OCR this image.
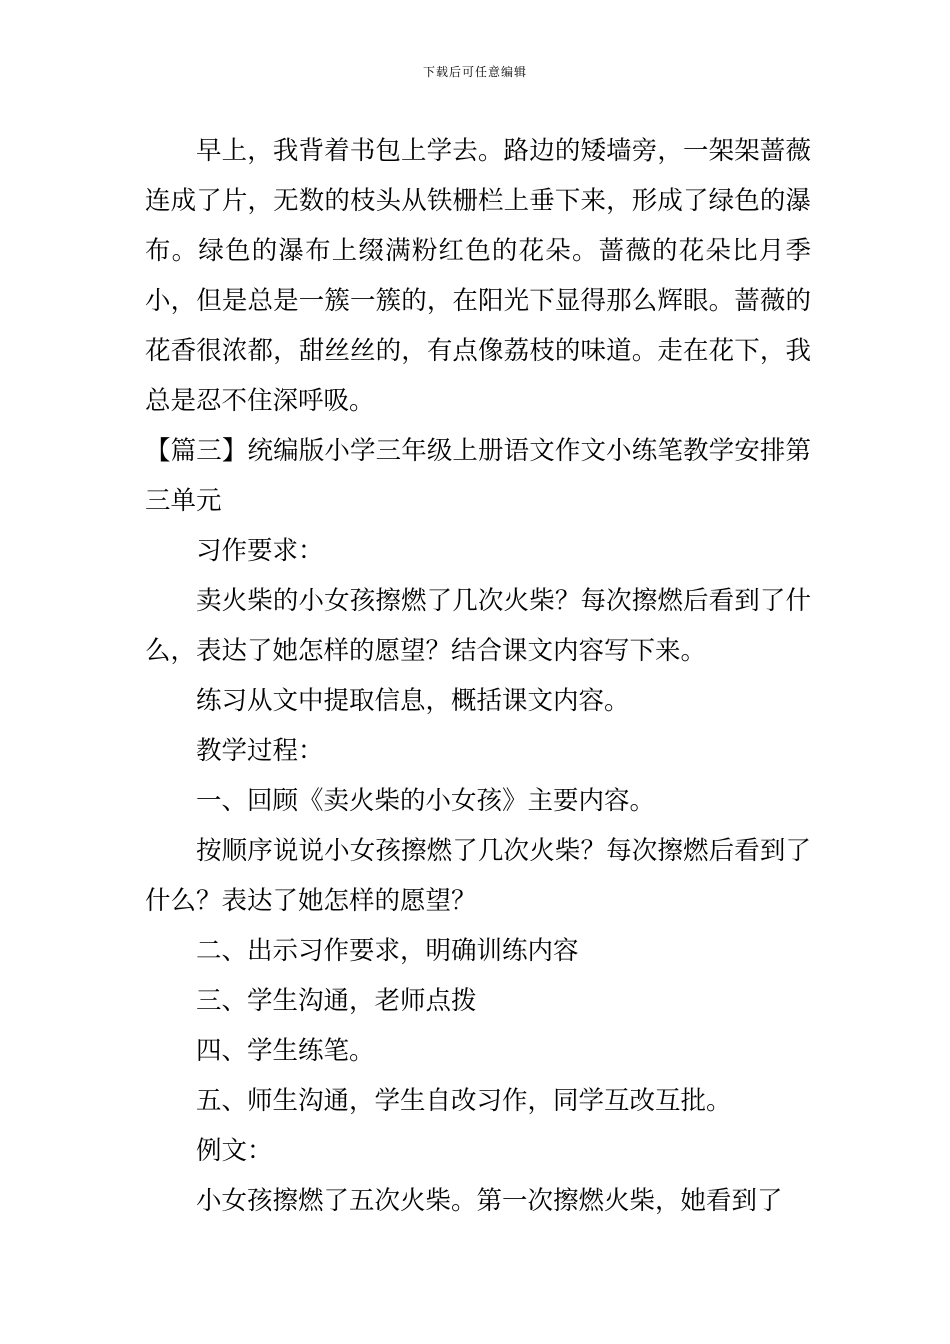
下载后可任意编辑

早上，我背着书包上学去。路边的矮墙旁，一架架蔷薇连成了片，无数的枝头从铁栅栏上垂下来，形成了绿色的瀑布。绿色的瀑布上缀满粉红色的花朵。蔷薇的花朵比月季小，但是总是一簇一簇的，在阳光下显得那么辉眼。蔷薇的花香很浓都，甜丝丝的，有点像荔枝的味道。走在花下，我总是忍不住深呼吸。

【篇三】统编版小学三年级上册语文作文小练笔教学安排第三单元

习作要求：

卖火柴的小女孩擦燃了几次火柴？每次擦燃后看到了什么，表达了她怎样的愿望？结合课文内容写下来。

练习从文中提取信息，概括课文内容。

教学过程：

一、回顾《卖火柴的小女孩》主要内容。

按顺序说说小女孩擦燃了几次火柴？每次擦燃后看到了什么？表达了她怎样的愿望？

二、出示习作要求，明确训练内容

三、学生沟通，老师点拨

四、学生练笔。

五、师生沟通，学生自改习作，同学互改互批。

例文：

小女孩擦燃了五次火柴。第一次擦燃火柴，她看到了
